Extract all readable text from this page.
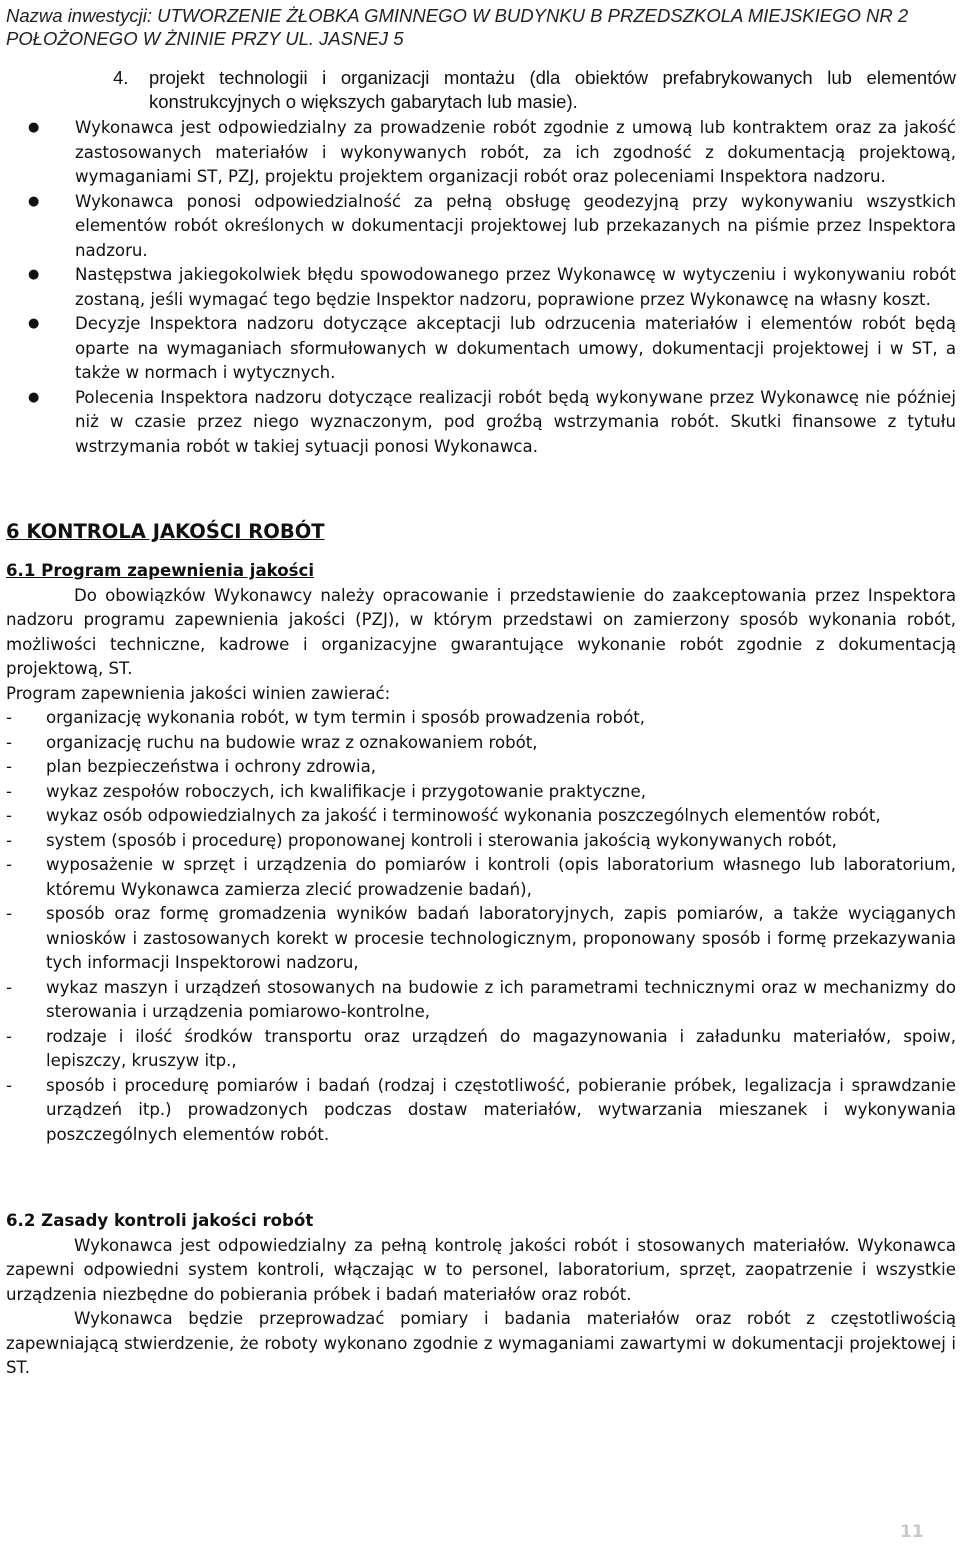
Nazwa inwestycji: UTWORZENIE ŻŁOBKA GMINNEGO W BUDYNKU B PRZEDSZKOLA MIEJSKIEGO NR 2
POŁOŻONEGO W ŻNINIE PRZY UL. JASNEJ 5
4.	projekt technologii i organizacji montażu (dla obiektów prefabrykowanych lub elementów konstrukcyjnych o większych gabarytach lub masie).
●	Wykonawca jest odpowiedzialny za prowadzenie robót zgodnie z umową lub kontraktem oraz za jakość zastosowanych materiałów i wykonywanych robót, za ich zgodność z dokumentacją projektową, wymaganiami ST, PZJ, projektu projektem organizacji robót oraz poleceniami Inspektora nadzoru.
●	Wykonawca ponosi odpowiedzialność za pełną obsługę geodezyjną przy wykonywaniu wszystkich elementów robót określonych w dokumentacji projektowej lub przekazanych na piśmie przez Inspektora nadzoru.
●	Następstwa jakiegokolwiek błędu spowodowanego przez Wykonawcę w wytyczeniu i wykonywaniu robót zostaną, jeśli wymagać tego będzie Inspektor nadzoru, poprawione przez Wykonawcę na własny koszt.
●	Decyzje Inspektora nadzoru dotyczące akceptacji lub odrzucenia materiałów i elementów robót będą oparte na wymaganiach sformułowanych w dokumentach umowy, dokumentacji projektowej i w ST, a także w normach i wytycznych.
●	Polecenia Inspektora nadzoru dotyczące realizacji robót będą wykonywane przez Wykonawcę nie później niż w czasie przez niego wyznaczonym, pod groźbą wstrzymania robót. Skutki finansowe z tytułu wstrzymania robót w takiej sytuacji ponosi Wykonawca.
6 KONTROLA JAKOŚCI ROBÓT

6.1 Program zapewnienia jakości

Do obowiązków Wykonawcy należy opracowanie i przedstawienie do zaakceptowania przez Inspektora nadzoru programu zapewnienia jakości (PZJ), w którym przedstawi on zamierzony sposób wykonania robót, możliwości techniczne, kadrowe i organizacyjne gwarantujące wykonanie robót zgodnie z dokumentacją projektową, ST.

Program zapewnienia jakości winien zawierać:

-	organizację wykonania robót, w tym termin i sposób prowadzenia robót,
-	organizację ruchu na budowie wraz z oznakowaniem robót,
-	plan bezpieczeństwa i ochrony zdrowia,
-	wykaz zespołów roboczych, ich kwalifikacje i przygotowanie praktyczne,
-	wykaz osób odpowiedzialnych za jakość i terminowość wykonania poszczególnych elementów robót,
-	system (sposób i procedurę) proponowanej kontroli i sterowania jakością wykonywanych robót,
-	wyposażenie w sprzęt i urządzenia do pomiarów i kontroli (opis laboratorium własnego lub laboratorium, któremu Wykonawca zamierza zlecić prowadzenie badań),
-	sposób oraz formę gromadzenia wyników badań laboratoryjnych, zapis pomiarów, a także wyciąganych wniosków i zastosowanych korekt w procesie technologicznym, proponowany sposób i formę przekazywania tych informacji Inspektorowi nadzoru,
-	wykaz maszyn i urządzeń stosowanych na budowie z ich parametrami technicznymi oraz w mechanizmy do sterowania i urządzenia pomiarowo-kontrolne,
-	rodzaje i ilość środków transportu oraz urządzeń do magazynowania i załadunku materiałów, spoiw, lepiszczy, kruszyw itp.,
-	sposób i procedurę pomiarów i badań (rodzaj i częstotliwość, pobieranie próbek, legalizacja i sprawdzanie urządzeń itp.) prowadzonych podczas dostaw materiałów, wytwarzania mieszanek i wykonywania poszczególnych elementów robót.

6.2 Zasady kontroli jakości robót

Wykonawca jest odpowiedzialny za pełną kontrolę jakości robót i stosowanych materiałów. Wykonawca zapewni odpowiedni system kontroli, włączając w to personel, laboratorium, sprzęt, zaopatrzenie i wszystkie urządzenia niezbędne do pobierania próbek i badań materiałów oraz robót.

Wykonawca będzie przeprowadzać pomiary i badania materiałów oraz robót z częstotliwością zapewniającą stwierdzenie, że roboty wykonano zgodnie z wymaganiami zawartymi w dokumentacji projektowej i ST.

11
